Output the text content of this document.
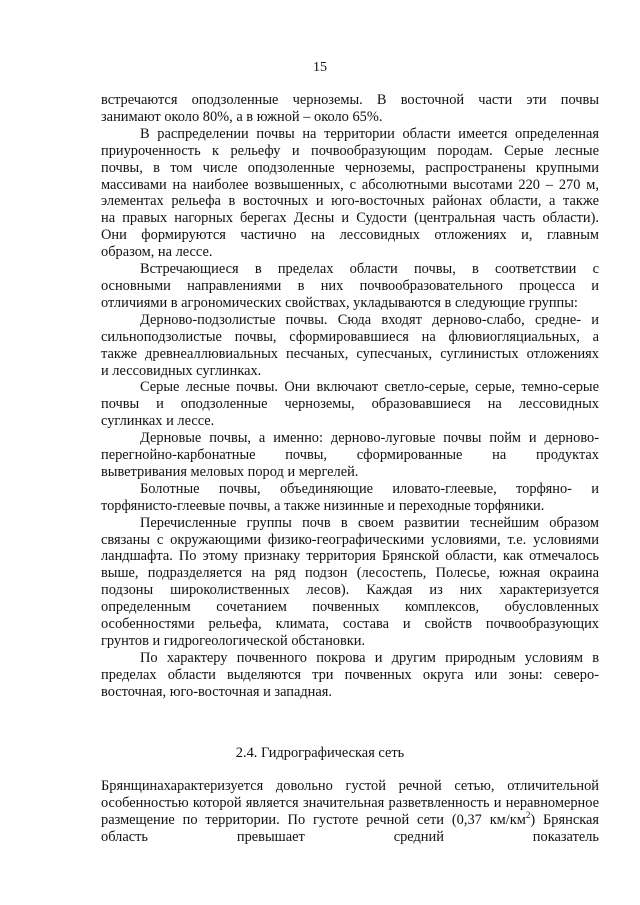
15

встречаются оподзоленные черноземы. В восточной части эти почвы
занимают около 80%, а в южной – около 65%.

В распределении почвы на территории области имеется определенная
приуроченность к рельефу и почвообразующим породам. Серые лесные
почвы, в том числе оподзоленные черноземы, распространены крупными
массивами на наиболее возвышенных, с абсолютными высотами 220 – 270 м,
элементах рельефа в восточных и юго-восточных районах области, а также
на правых нагорных берегах Десны и Судости (центральная часть области).
Они формируются частично на лессовидных отложениях и, главным
образом, на лессе.

Встречающиеся в пределах области почвы, в соответствии с
основными направлениями в них почвообразовательного процесса и
отличиями в агрономических свойствах, укладываются в следующие группы:

Дерново-подзолистые почвы. Сюда входят дерново-слабо, средне- и
сильноподзолистые почвы, сформировавшиеся на флювиогляциальных, а
также древнеаллювиальных песчаных, супесчаных, суглинистых отложениях
и лессовидных суглинках.

Серые лесные почвы. Они включают светло-серые, серые, темно-серые
почвы и оподзоленные черноземы, образовавшиеся на лессовидных
суглинках и лессе.

Дерновые почвы, а именно: дерново-луговые почвы пойм и дерново-
перегнойно-карбонатные почвы, сформированные на продуктах
выветривания меловых пород и мергелей.

Болотные почвы, объединяющие иловато-глеевые, торфяно- и
торфянисто-глеевые почвы, а также низинные и переходные торфяники.

Перечисленные группы почв в своем развитии теснейшим образом
связаны с окружающими физико-географическими условиями, т.е. условиями
ландшафта. По этому признаку территория Брянской области, как отмечалось
выше, подразделяется на ряд подзон (лесостепь, Полесье, южная окраина
подзоны широколиственных лесов). Каждая из них характеризуется
определенным сочетанием почвенных комплексов, обусловленных
особенностями рельефа, климата, состава и свойств почвообразующих
грунтов и гидрогеологической обстановки.

По характеру почвенного покрова и другим природным условиям в
пределах области выделяются три почвенных округа или зоны: северо-
восточная, юго-восточная и западная.

2.4. Гидрографическая сеть

Брянщинахарактеризуется довольно густой речной сетью, отличительной особенностью которой является значительная разветвленность и неравномерное размещение по территории. По густоте речной сети (0,37 $км/км^2$) Брянская область превышает средний показатель
